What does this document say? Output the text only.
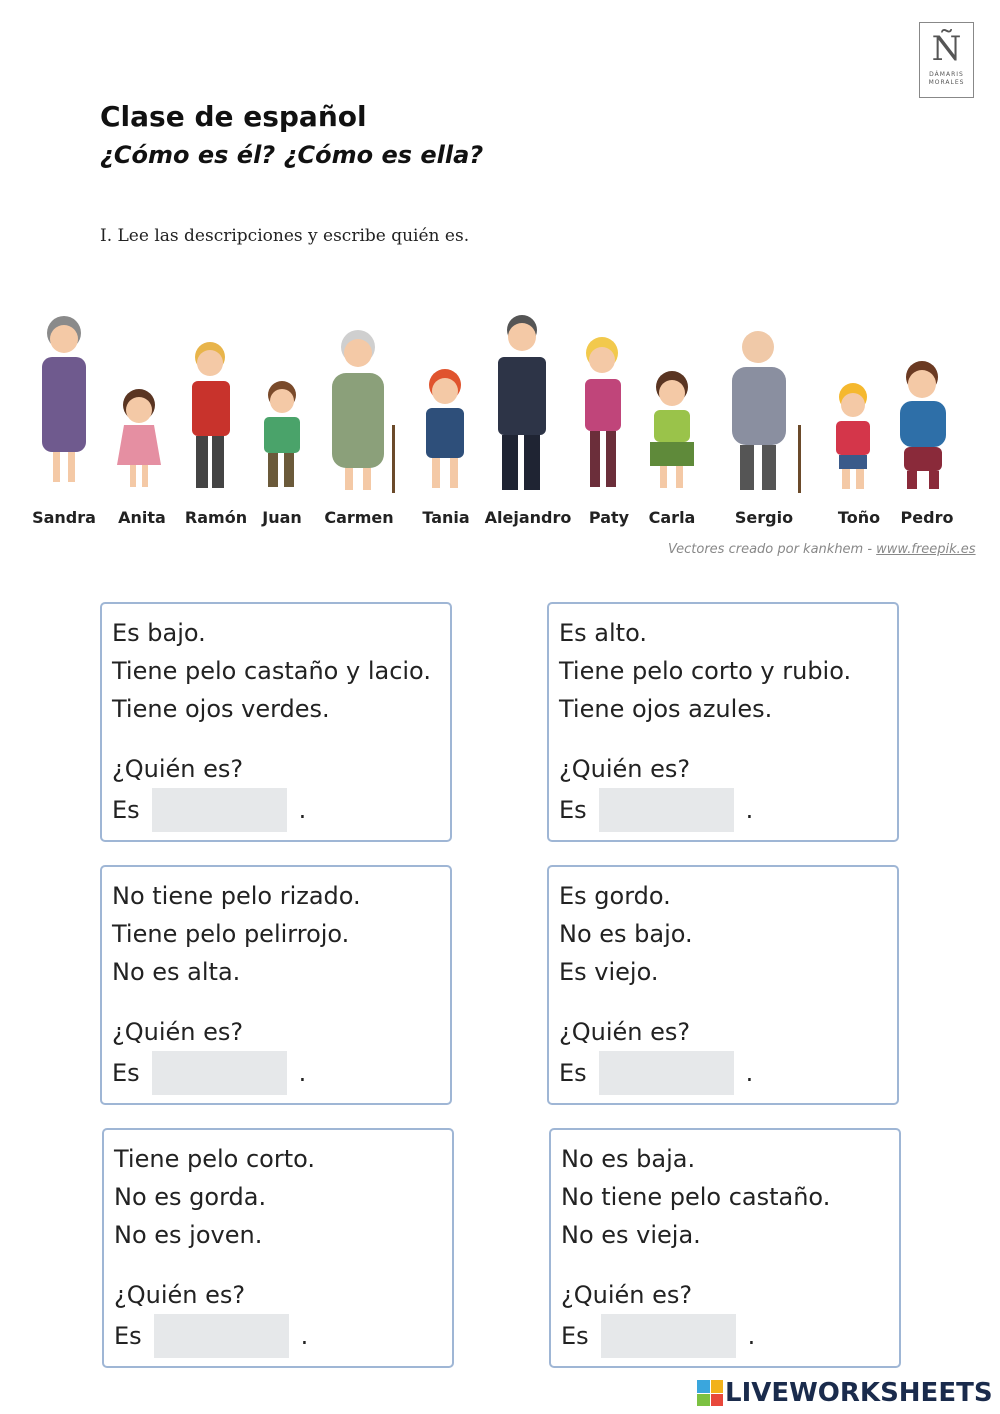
Ñ
DÁMARIS
MORALES
Clase de español
¿Cómo es él? ¿Cómo es ella?
I. Lee las descripciones y escribe quién es.
Sandra Anita Ramón Juan Carmen Tania Alejandro Paty Carla Sergio	Toño Pedro
Vectores creado por kankhem - www.freepik.es
Es bajo.
Tiene pelo castaño y lacio.
Tiene ojos verdes.
¿Quién es?
Es	.
Es alto.
Tiene pelo corto y rubio.
Tiene ojos azules.
¿Quién es?
Es	.
No tiene pelo rizado.
Tiene pelo pelirrojo.
No es alta.
¿Quién es?
Es	.
Es gordo.
No es bajo.
Es viejo.
¿Quién es?
Es	.
Tiene pelo corto.
No es gorda.
No es joven.
¿Quién es?
Es	.
No es baja.
No tiene pelo castaño.
No es vieja.
¿Quién es?
Es	.
LIVEWORKSHEETS
